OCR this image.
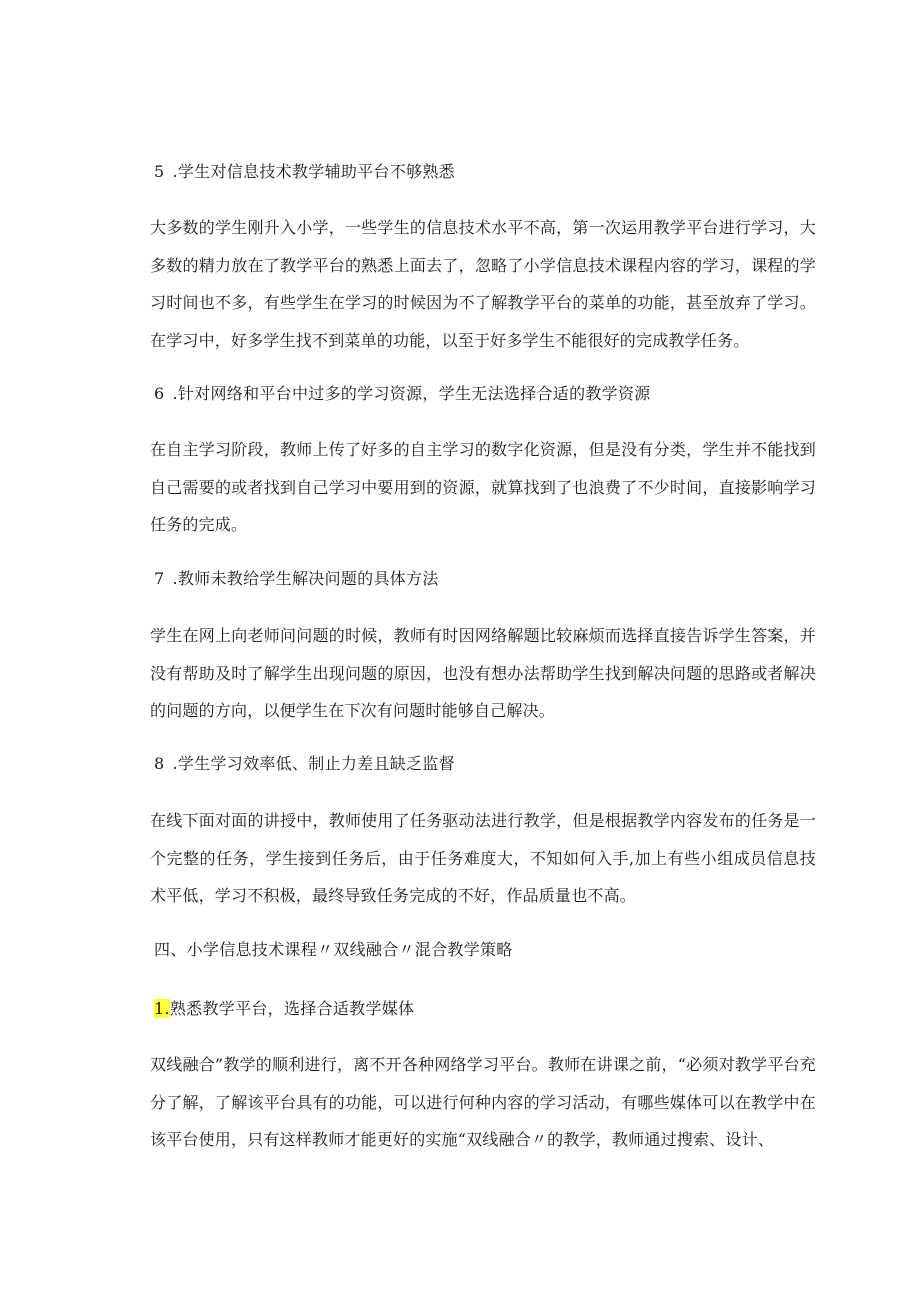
5 .学生对信息技术教学辅助平台不够熟悉
大多数的学生刚升入小学，一些学生的信息技术水平不高，第一次运用教学平台进行学习，大多数的精力放在了教学平台的熟悉上面去了，忽略了小学信息技术课程内容的学习，课程的学习时间也不多，有些学生在学习的时候因为不了解教学平台的菜单的功能，甚至放弃了学习。在学习中，好多学生找不到菜单的功能，以至于好多学生不能很好的完成教学任务。
6 .针对网络和平台中过多的学习资源，学生无法选择合适的教学资源
在自主学习阶段，教师上传了好多的自主学习的数字化资源，但是没有分类，学生并不能找到自己需要的或者找到自己学习中要用到的资源，就算找到了也浪费了不少时间，直接影响学习任务的完成。
7 .教师未教给学生解决问题的具体方法
学生在网上向老师问问题的时候，教师有时因网络解题比较麻烦而选择直接告诉学生答案，并没有帮助及时了解学生出现问题的原因，也没有想办法帮助学生找到解决问题的思路或者解决的问题的方向，以便学生在下次有问题时能够自己解决。
8 .学生学习效率低、制止力差且缺乏监督
在线下面对面的讲授中，教师使用了任务驱动法进行教学，但是根据教学内容发布的任务是一个完整的任务，学生接到任务后，由于任务难度大，不知如何入手,加上有些小组成员信息技术平低，学习不积极，最终导致任务完成的不好，作品质量也不高。
四、小学信息技术课程〃双线融合〃混合教学策略
1.熟悉教学平台，选择合适教学媒体
双线融合”教学的顺利进行，离不开各种网络学习平台。教师在讲课之前，“必须对教学平台充分了解，了解该平台具有的功能，可以进行何种内容的学习活动，有哪些媒体可以在教学中在该平台使用，只有这样教师才能更好的实施“双线融合〃的教学，教师通过搜索、设计、
